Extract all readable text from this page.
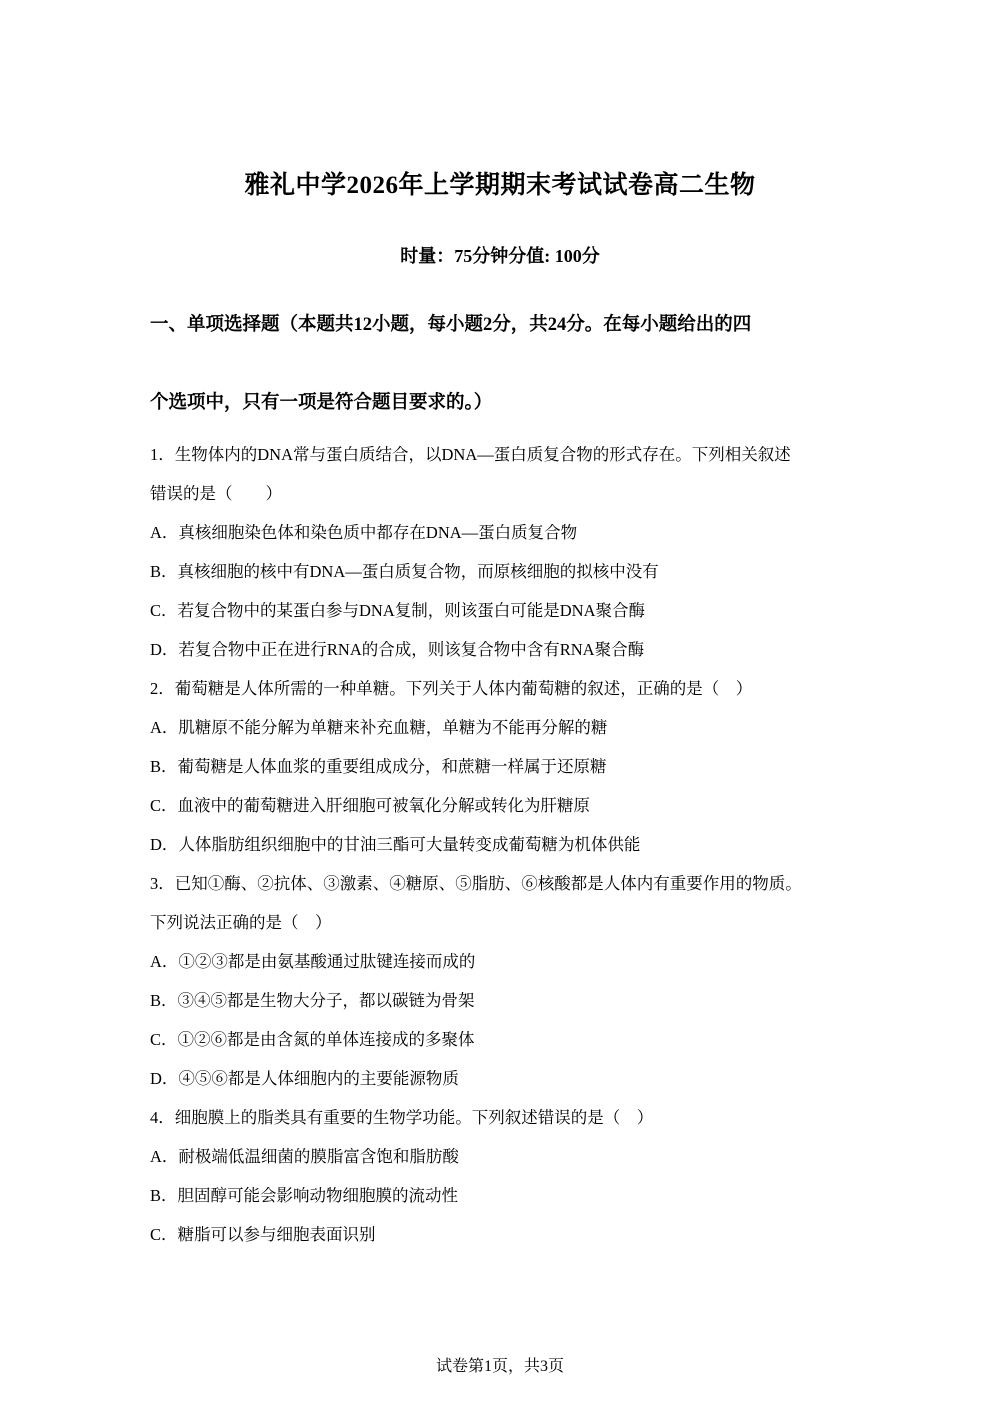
雅礼中学2026年上学期期末考试试卷高二生物
时量：75分钟分值: 100分
一、单项选择题（本题共12小题，每小题2分，共24分。在每小题给出的四
个选项中，只有一项是符合题目要求的。）
1．生物体内的DNA常与蛋白质结合，以DNA—蛋白质复合物的形式存在。下列相关叙述
错误的是（　　）
A．真核细胞染色体和染色质中都存在DNA—蛋白质复合物
B．真核细胞的核中有DNA—蛋白质复合物，而原核细胞的拟核中没有
C．若复合物中的某蛋白参与DNA复制，则该蛋白可能是DNA聚合酶
D．若复合物中正在进行RNA的合成，则该复合物中含有RNA聚合酶
2．葡萄糖是人体所需的一种单糖。下列关于人体内葡萄糖的叙述，正确的是（　）
A．肌糖原不能分解为单糖来补充血糖，单糖为不能再分解的糖
B．葡萄糖是人体血浆的重要组成成分，和蔗糖一样属于还原糖
C．血液中的葡萄糖进入肝细胞可被氧化分解或转化为肝糖原
D．人体脂肪组织细胞中的甘油三酯可大量转变成葡萄糖为机体供能
3．已知①酶、②抗体、③激素、④糖原、⑤脂肪、⑥核酸都是人体内有重要作用的物质。
下列说法正确的是（　）
A．①②③都是由氨基酸通过肽键连接而成的
B．③④⑤都是生物大分子，都以碳链为骨架
C．①②⑥都是由含氮的单体连接成的多聚体
D．④⑤⑥都是人体细胞内的主要能源物质
4．细胞膜上的脂类具有重要的生物学功能。下列叙述错误的是（　）
A．耐极端低温细菌的膜脂富含饱和脂肪酸
B．胆固醇可能会影响动物细胞膜的流动性
C．糖脂可以参与细胞表面识别
试卷第1页，共3页
